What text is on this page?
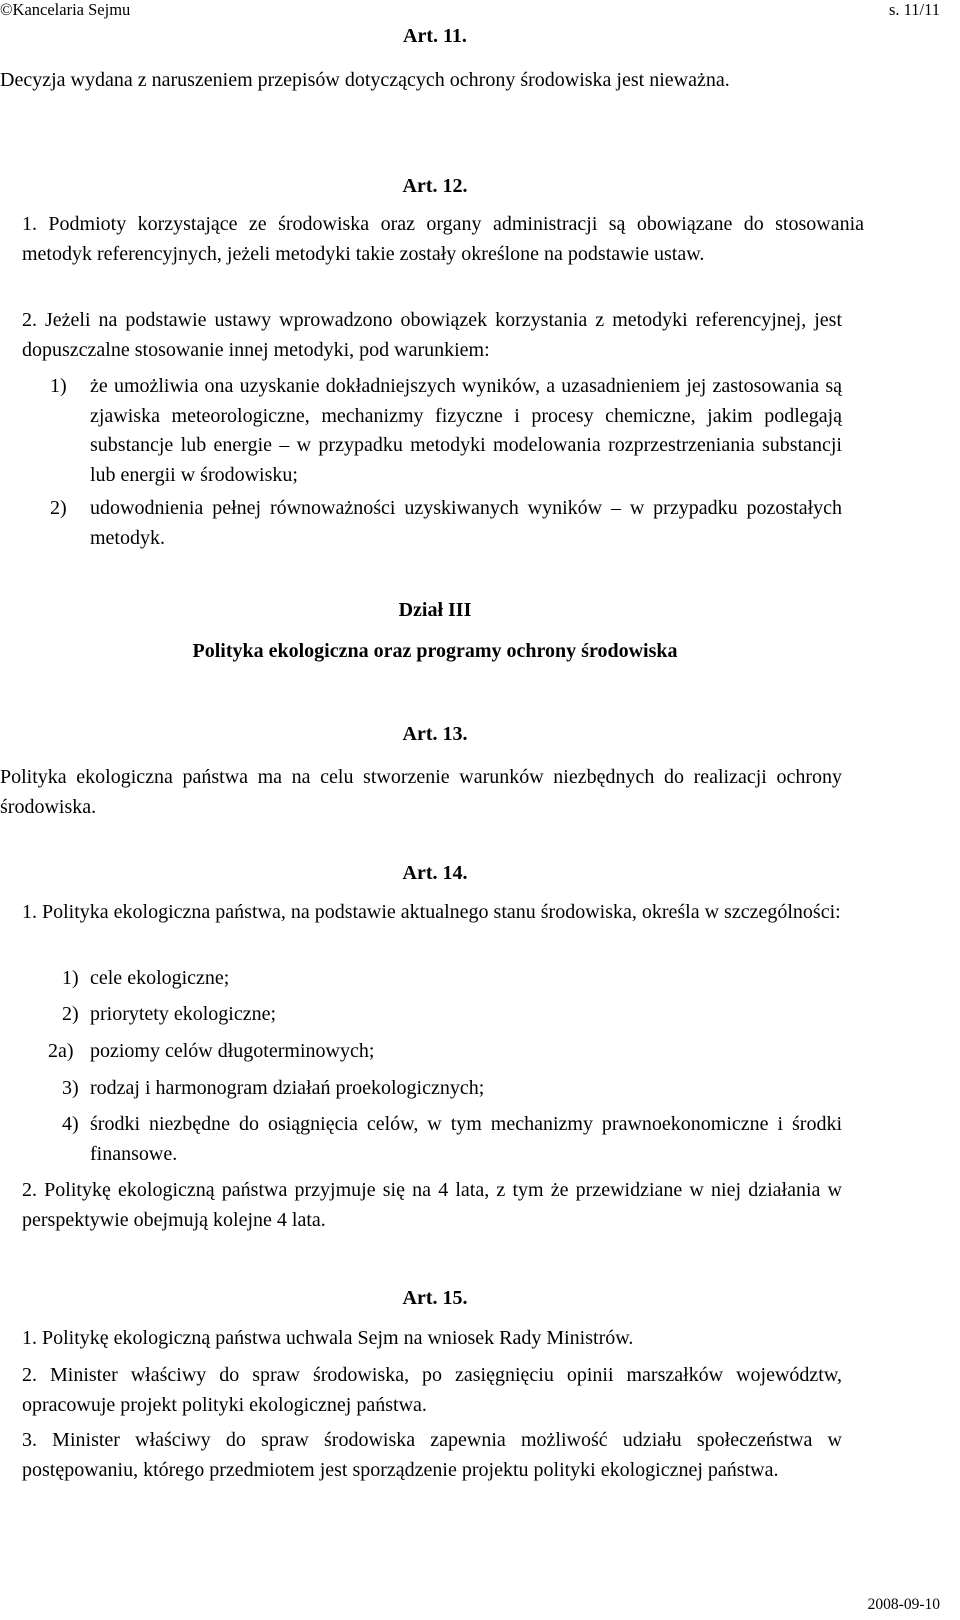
©Kancelaria Sejmu	s. 11/11
Art. 11.

Decyzja wydana z naruszeniem przepisów dotyczących ochrony środowiska jest nieważna.

Art. 12.

1. Podmioty korzystające ze środowiska oraz organy administracji są obowiązane do stosowania metodyk referencyjnych, jeżeli metodyki takie zostały określone na podstawie ustaw.

2. Jeżeli na podstawie ustawy wprowadzono obowiązek korzystania z metodyki referencyjnej, jest dopuszczalne stosowanie innej metodyki, pod warunkiem:

1) że umożliwia ona uzyskanie dokładniejszych wyników, a uzasadnieniem jej zastosowania są zjawiska meteorologiczne, mechanizmy fizyczne i procesy chemiczne, jakim podlegają substancje lub energie – w przypadku metodyki modelowania rozprzestrzeniania substancji lub energii w środowisku;

2) udowodnienia pełnej równoważności uzyskiwanych wyników – w przypadku pozostałych metodyk.

Dział III
Polityka ekologiczna oraz programy ochrony środowiska
Art. 13.

Polityka ekologiczna państwa ma na celu stworzenie warunków niezbędnych do realizacji ochrony środowiska.

Art. 14.

1. Polityka ekologiczna państwa, na podstawie aktualnego stanu środowiska, określa w szczególności:

1) cele ekologiczne;

2) priorytety ekologiczne;

2a) poziomy celów długoterminowych;

3) rodzaj i harmonogram działań proekologicznych;

4) środki niezbędne do osiągnięcia celów, w tym mechanizmy prawnoekonomiczne i środki finansowe.

2. Politykę ekologiczną państwa przyjmuje się na 4 lata, z tym że przewidziane w niej działania w perspektywie obejmują kolejne 4 lata.

Art. 15.

1. Politykę ekologiczną państwa uchwala Sejm na wniosek Rady Ministrów.

2. Minister właściwy do spraw środowiska, po zasięgnięciu opinii marszałków województw, opracowuje projekt polityki ekologicznej państwa.

3. Minister właściwy do spraw środowiska zapewnia możliwość udziału społeczeństwa w postępowaniu, którego przedmiotem jest sporządzenie projektu polityki ekologicznej państwa.

2008-09-10
